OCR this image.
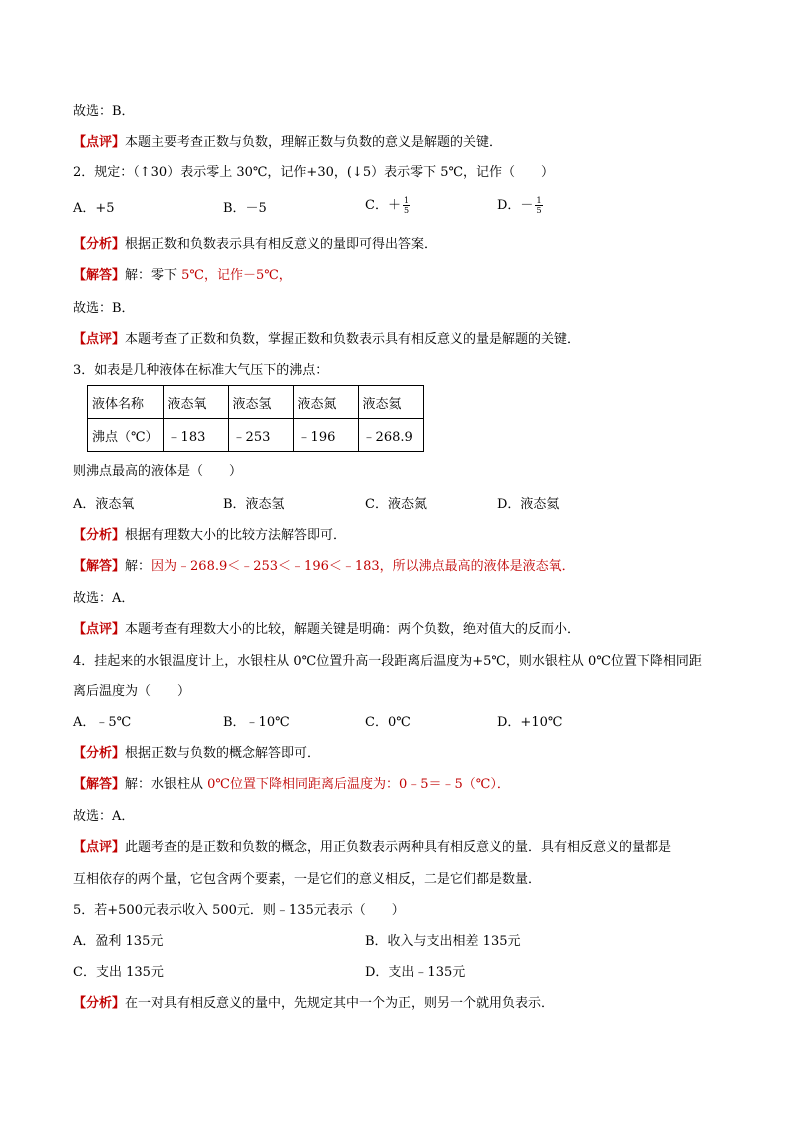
故选：B．
【点评】本题主要考查正数与负数，理解正数与负数的意义是解题的关键．
2．规定：（↑30）表示零上 30℃，记作+30，(↓5）表示零下 5℃，记作（　　）
A．+5	B．－5	C．＋ $\frac{1}{5}$	D．－ $\frac{1}{5}$
【分析】根据正数和负数表示具有相反意义的量即可得出答案．
【解答】解：零下 5℃，记作－5℃，
故选：B．
【点评】本题考查了正数和负数，掌握正数和负数表示具有相反意义的量是解题的关键．
3．如表是几种液体在标准大气压下的沸点：
液体名称	液态氧	液态氢	液态氮	液态氦
沸点（℃）	﹣183	﹣253	﹣196	﹣268.9
则沸点最高的液体是（　　）
A．液态氧	B．液态氢	C．液态氮	D．液态氦
【分析】根据有理数大小的比较方法解答即可．
【解答】解：因为﹣268.9＜﹣253＜﹣196＜﹣183，所以沸点最高的液体是液态氧．
故选：A．
【点评】本题考查有理数大小的比较，解题关键是明确：两个负数，绝对值大的反而小．
4．挂起来的水银温度计上，水银柱从 0℃位置升高一段距离后温度为+5℃，则水银柱从 0℃位置下降相同距
离后温度为（　　）
A．﹣5℃	B．﹣10℃	C．0℃	D．+10℃
【分析】根据正数与负数的概念解答即可．
【解答】解：水银柱从 0℃位置下降相同距离后温度为：0﹣5＝﹣5（℃）．
故选：A．
【点评】此题考查的是正数和负数的概念，用正负数表示两种具有相反意义的量．具有相反意义的量都是
互相依存的两个量，它包含两个要素，一是它们的意义相反，二是它们都是数量．
5．若+500元表示收入 500元．则﹣135元表示（　　）
A．盈利 135元	B．收入与支出相差 135元
C．支出 135元	D．支出﹣135元
【分析】在一对具有相反意义的量中，先规定其中一个为正，则另一个就用负表示．
